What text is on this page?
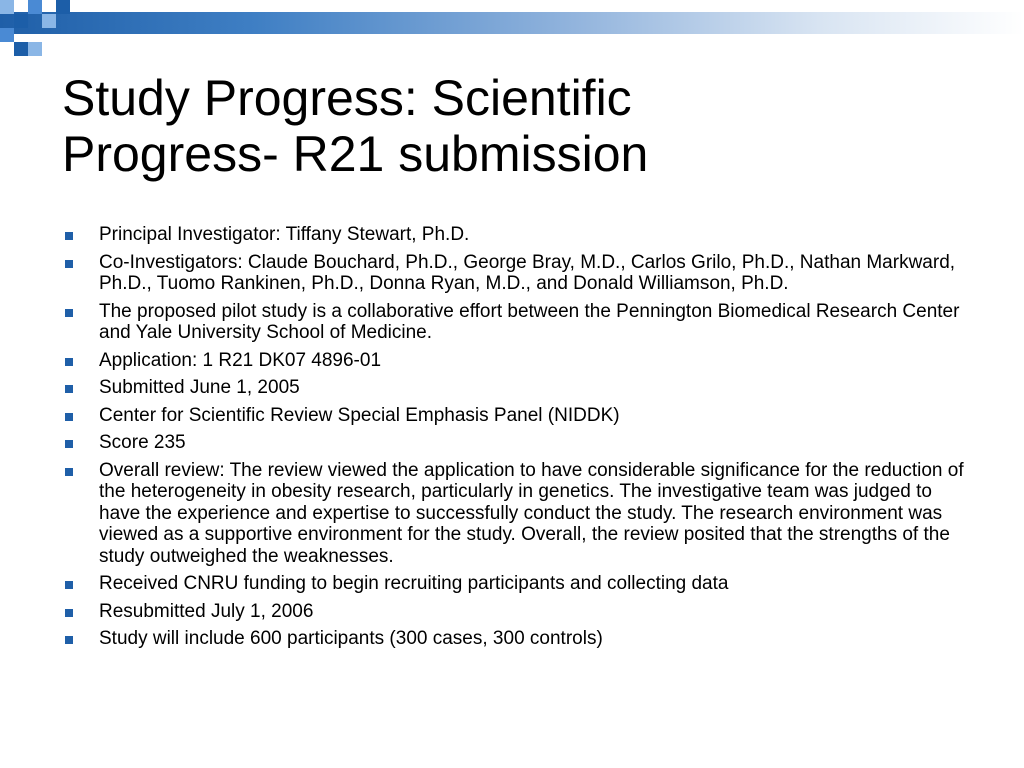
Study Progress: Scientific
Progress- R21 submission
Principal Investigator: Tiffany Stewart, Ph.D.
Co-Investigators: Claude Bouchard, Ph.D., George Bray, M.D., Carlos Grilo, Ph.D., Nathan Markward, Ph.D., Tuomo Rankinen, Ph.D., Donna Ryan, M.D., and Donald Williamson, Ph.D.
The proposed pilot study is a collaborative effort between the Pennington Biomedical Research Center and Yale University School of Medicine.
Application: 1 R21 DK07 4896-01
Submitted June 1, 2005
Center for Scientific Review Special Emphasis Panel (NIDDK)
Score 235
Overall review: The review viewed the application to have considerable significance for the reduction of the heterogeneity in obesity research, particularly in genetics. The investigative team was judged to have the experience and expertise to successfully conduct the study. The research environment was viewed as a supportive environment for the study. Overall, the review posited that the strengths of the study outweighed the weaknesses.
Received CNRU funding to begin recruiting participants and collecting data
Resubmitted July 1, 2006
Study will include 600 participants (300 cases, 300 controls)
